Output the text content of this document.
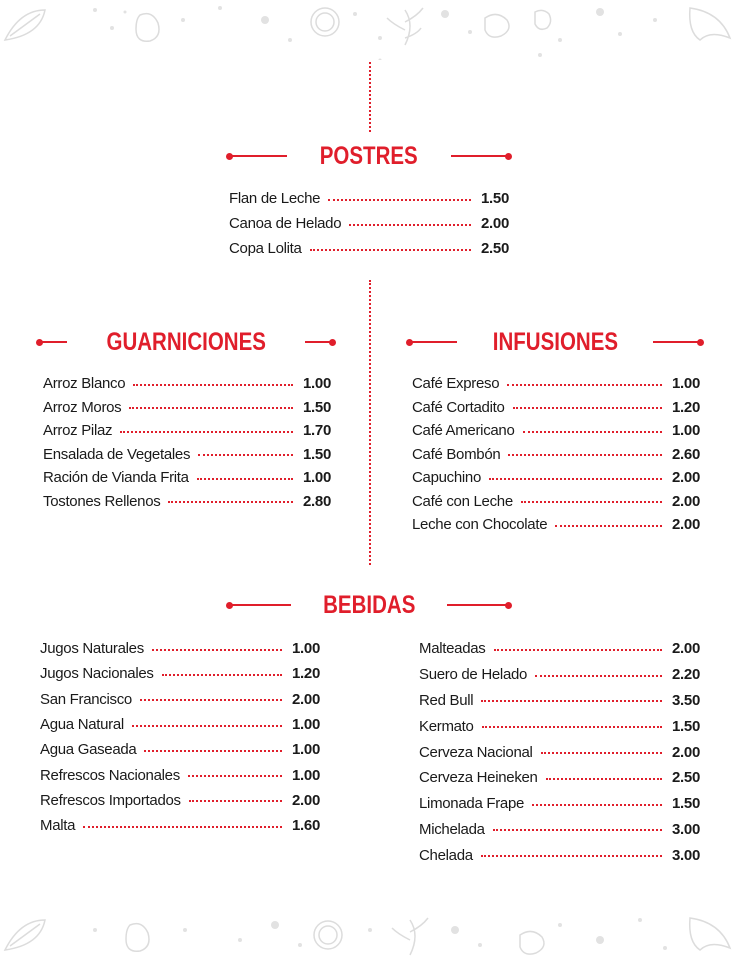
POSTRES
Flan de Leche	1.50
Canoa de Helado	2.00
Copa Lolita	2.50
GUARNICIONES
Arroz Blanco	1.00
Arroz Moros	1.50
Arroz Pilaz	1.70
Ensalada de Vegetales	1.50
Ración de Vianda Frita	1.00
Tostones Rellenos	2.80
INFUSIONES
Café Expreso	1.00
Café Cortadito	1.20
Café Americano	1.00
Café Bombón	2.60
Capuchino	2.00
Café con Leche	2.00
Leche con Chocolate	2.00
BEBIDAS
Jugos Naturales	1.00
Jugos Nacionales	1.20
San Francisco	2.00
Agua Natural	1.00
Agua Gaseada	1.00
Refrescos Nacionales	1.00
Refrescos Importados	2.00
Malta	1.60
Malteadas	2.00
Suero de Helado	2.20
Red Bull	3.50
Kermato	1.50
Cerveza Nacional	2.00
Cerveza Heineken	2.50
Limonada Frape	1.50
Michelada	3.00
Chelada	3.00
